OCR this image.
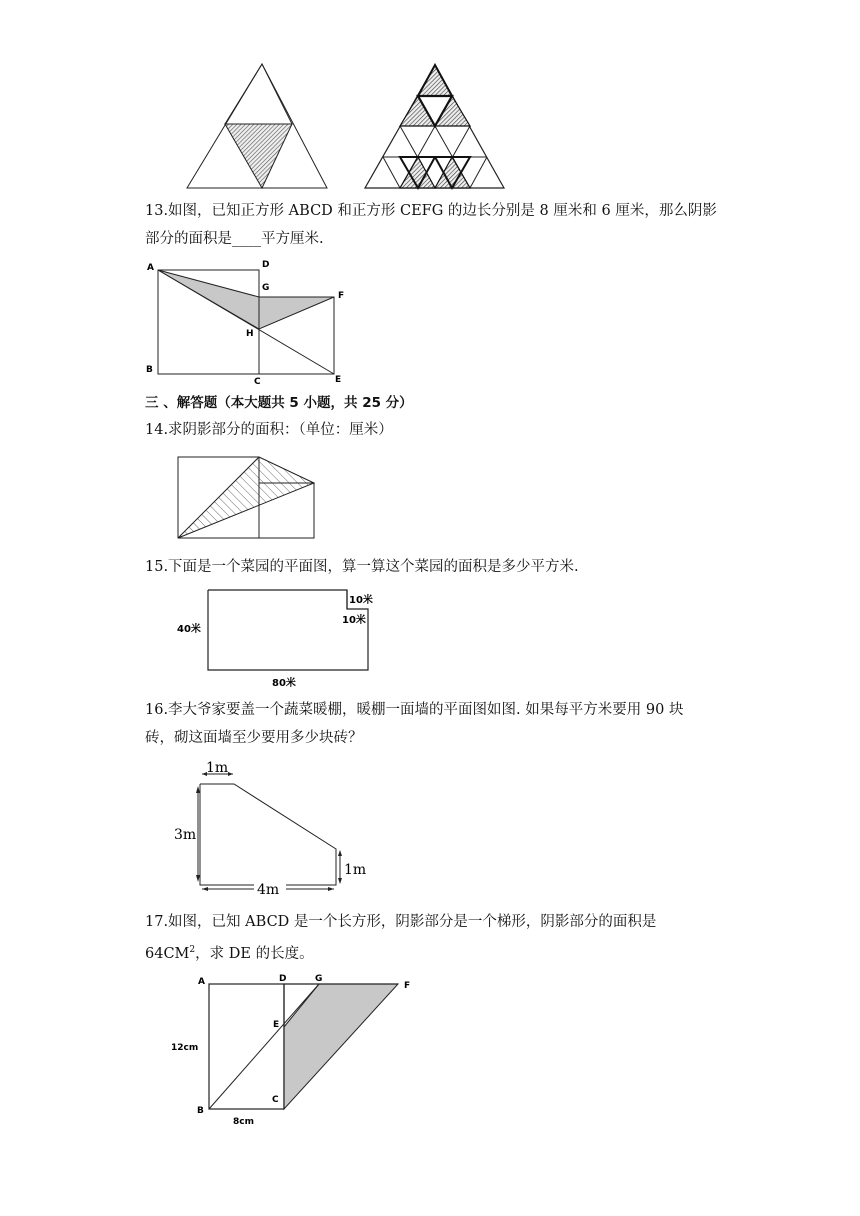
13.如图，已知正方形 ABCD 和正方形 CEFG 的边长分别是 8 厘米和 6 厘米，那么阴影
部分的面积是____平方厘米.
A	D
G
F
H
B
C	E
三 、解答题（本大题共 5 小题，共 25 分）
14.求阴影部分的面积：（单位：厘米）
15.下面是一个菜园的平面图，算一算这个菜园的面积是多少平方米.
40米
80米
10米
10米
16.李大爷家要盖一个蔬菜暖棚，暖棚一面墙的平面图如图. 如果每平方米要用 90 块
砖，砌这面墙至少要用多少块砖？
1m
3m
1m
4m
17.如图，已知 ABCD 是一个长方形，阴影部分是一个梯形，阴影部分的面积是
$64CM^2$，求 DE 的长度。
A	D	G
F
E
12cm
B
C
8cm
